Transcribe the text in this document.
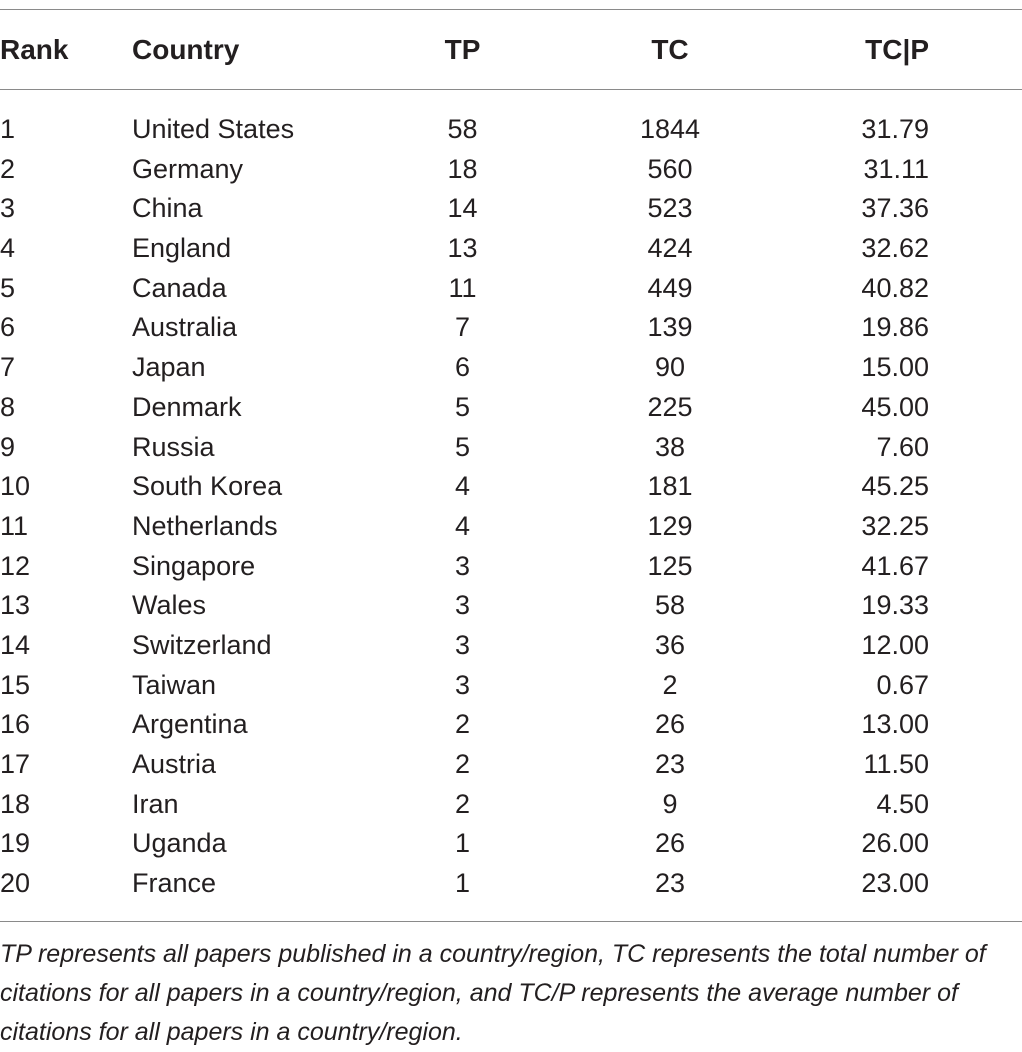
Rank Country	TP	TC	TC|P
1	United States	58	1844	31.79
2	Germany	18	560	31.11
3	China	14	523	37.36
4	England	13	424	32.62
5	Canada	11	449	40.82
6	Australia	7	139	19.86
7	Japan	6	90	15.00
8	Denmark	5	225	45.00
9	Russia	5	38	7.60
10	South Korea	4	181	45.25
11	Netherlands	4	129	32.25
12	Singapore	3	125	41.67
13	Wales	3	58	19.33
14	Switzerland	3	36	12.00
15	Taiwan	3	2	0.67
16	Argentina	2	26	13.00
17	Austria	2	23	11.50
18	Iran	2	9	4.50
19	Uganda	1	26	26.00
20	France	1	23	23.00
TP represents all papers published in a country/region, TC represents the total number of citations for all papers in a country/region, and TC/P represents the average number of citations for all papers in a country/region.
